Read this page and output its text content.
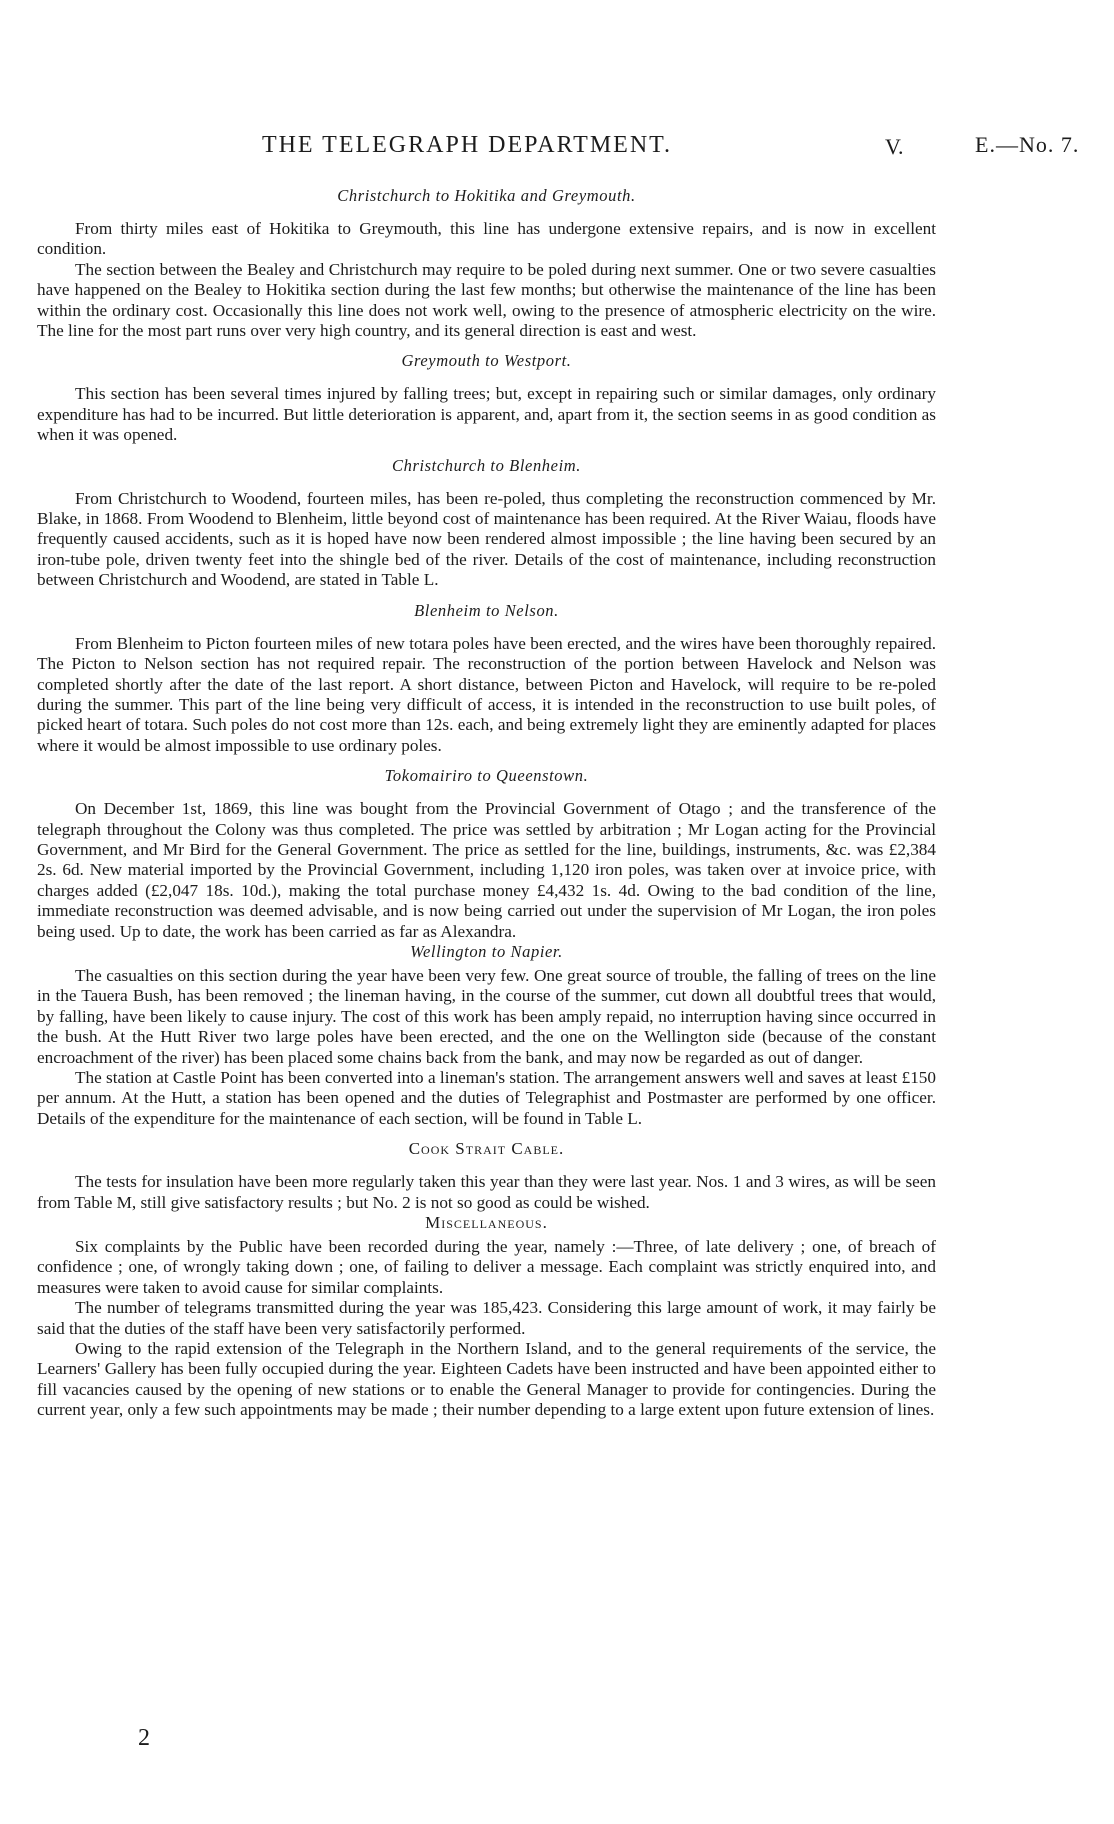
THE TELEGRAPH DEPARTMENT.	V.	E.—No. 7.
Christchurch to Hokitika and Greymouth.

From thirty miles east of Hokitika to Greymouth, this line has undergone extensive repairs, and is now in excellent condition.

The section between the Bealey and Christchurch may require to be poled during next summer. One or two severe casualties have happened on the Bealey to Hokitika section during the last few months; but otherwise the maintenance of the line has been within the ordinary cost. Occasionally this line does not work well, owing to the presence of atmospheric electricity on the wire. The line for the most part runs over very high country, and its general direction is east and west.

Greymouth to Westport.

This section has been several times injured by falling trees; but, except in repairing such or similar damages, only ordinary expenditure has had to be incurred. But little deterioration is apparent, and, apart from it, the section seems in as good condition as when it was opened.

Christchurch to Blenheim.

From Christchurch to Woodend, fourteen miles, has been re-poled, thus completing the reconstruction commenced by Mr. Blake, in 1868. From Woodend to Blenheim, little beyond cost of maintenance has been required. At the River Waiau, floods have frequently caused accidents, such as it is hoped have now been rendered almost impossible ; the line having been secured by an iron-tube pole, driven twenty feet into the shingle bed of the river. Details of the cost of maintenance, including reconstruction between Christchurch and Woodend, are stated in Table L.

Blenheim to Nelson.

From Blenheim to Picton fourteen miles of new totara poles have been erected, and the wires have been thoroughly repaired. The Picton to Nelson section has not required repair. The reconstruction of the portion between Havelock and Nelson was completed shortly after the date of the last report. A short distance, between Picton and Havelock, will require to be re-poled during the summer. This part of the line being very difficult of access, it is intended in the reconstruction to use built poles, of picked heart of totara. Such poles do not cost more than 12s. each, and being extremely light they are eminently adapted for places where it would be almost impossible to use ordinary poles.

Tokomairiro to Queenstown.

On December 1st, 1869, this line was bought from the Provincial Government of Otago ; and the transference of the telegraph throughout the Colony was thus completed. The price was settled by arbitration ; Mr Logan acting for the Provincial Government, and Mr Bird for the General Government. The price as settled for the line, buildings, instruments, &c. was £2,384 2s. 6d. New material imported by the Provincial Government, including 1,120 iron poles, was taken over at invoice price, with charges added (£2,047 18s. 10d.), making the total purchase money £4,432 1s. 4d. Owing to the bad condition of the line, immediate reconstruction was deemed advisable, and is now being carried out under the supervision of Mr Logan, the iron poles being used. Up to date, the work has been carried as far as Alexandra.

Wellington to Napier.

The casualties on this section during the year have been very few. One great source of trouble, the falling of trees on the line in the Tauera Bush, has been removed ; the lineman having, in the course of the summer, cut down all doubtful trees that would, by falling, have been likely to cause injury. The cost of this work has been amply repaid, no interruption having since occurred in the bush. At the Hutt River two large poles have been erected, and the one on the Wellington side (because of the constant encroachment of the river) has been placed some chains back from the bank, and may now be regarded as out of danger.

The station at Castle Point has been converted into a lineman's station. The arrangement answers well and saves at least £150 per annum. At the Hutt, a station has been opened and the duties of Telegraphist and Postmaster are performed by one officer. Details of the expenditure for the maintenance of each section, will be found in Table L.

Cook Strait Cable.

The tests for insulation have been more regularly taken this year than they were last year. Nos. 1 and 3 wires, as will be seen from Table M, still give satisfactory results ; but No. 2 is not so good as could be wished.

Miscellaneous.

Six complaints by the Public have been recorded during the year, namely :—Three, of late delivery ; one, of breach of confidence ; one, of wrongly taking down ; one, of failing to deliver a message. Each complaint was strictly enquired into, and measures were taken to avoid cause for similar complaints.

The number of telegrams transmitted during the year was 185,423. Considering this large amount of work, it may fairly be said that the duties of the staff have been very satisfactorily performed.

Owing to the rapid extension of the Telegraph in the Northern Island, and to the general requirements of the service, the Learners' Gallery has been fully occupied during the year. Eighteen Cadets have been instructed and have been appointed either to fill vacancies caused by the opening of new stations or to enable the General Manager to provide for contingencies. During the current year, only a few such appointments may be made ; their number depending to a large extent upon future extension of lines.

2
